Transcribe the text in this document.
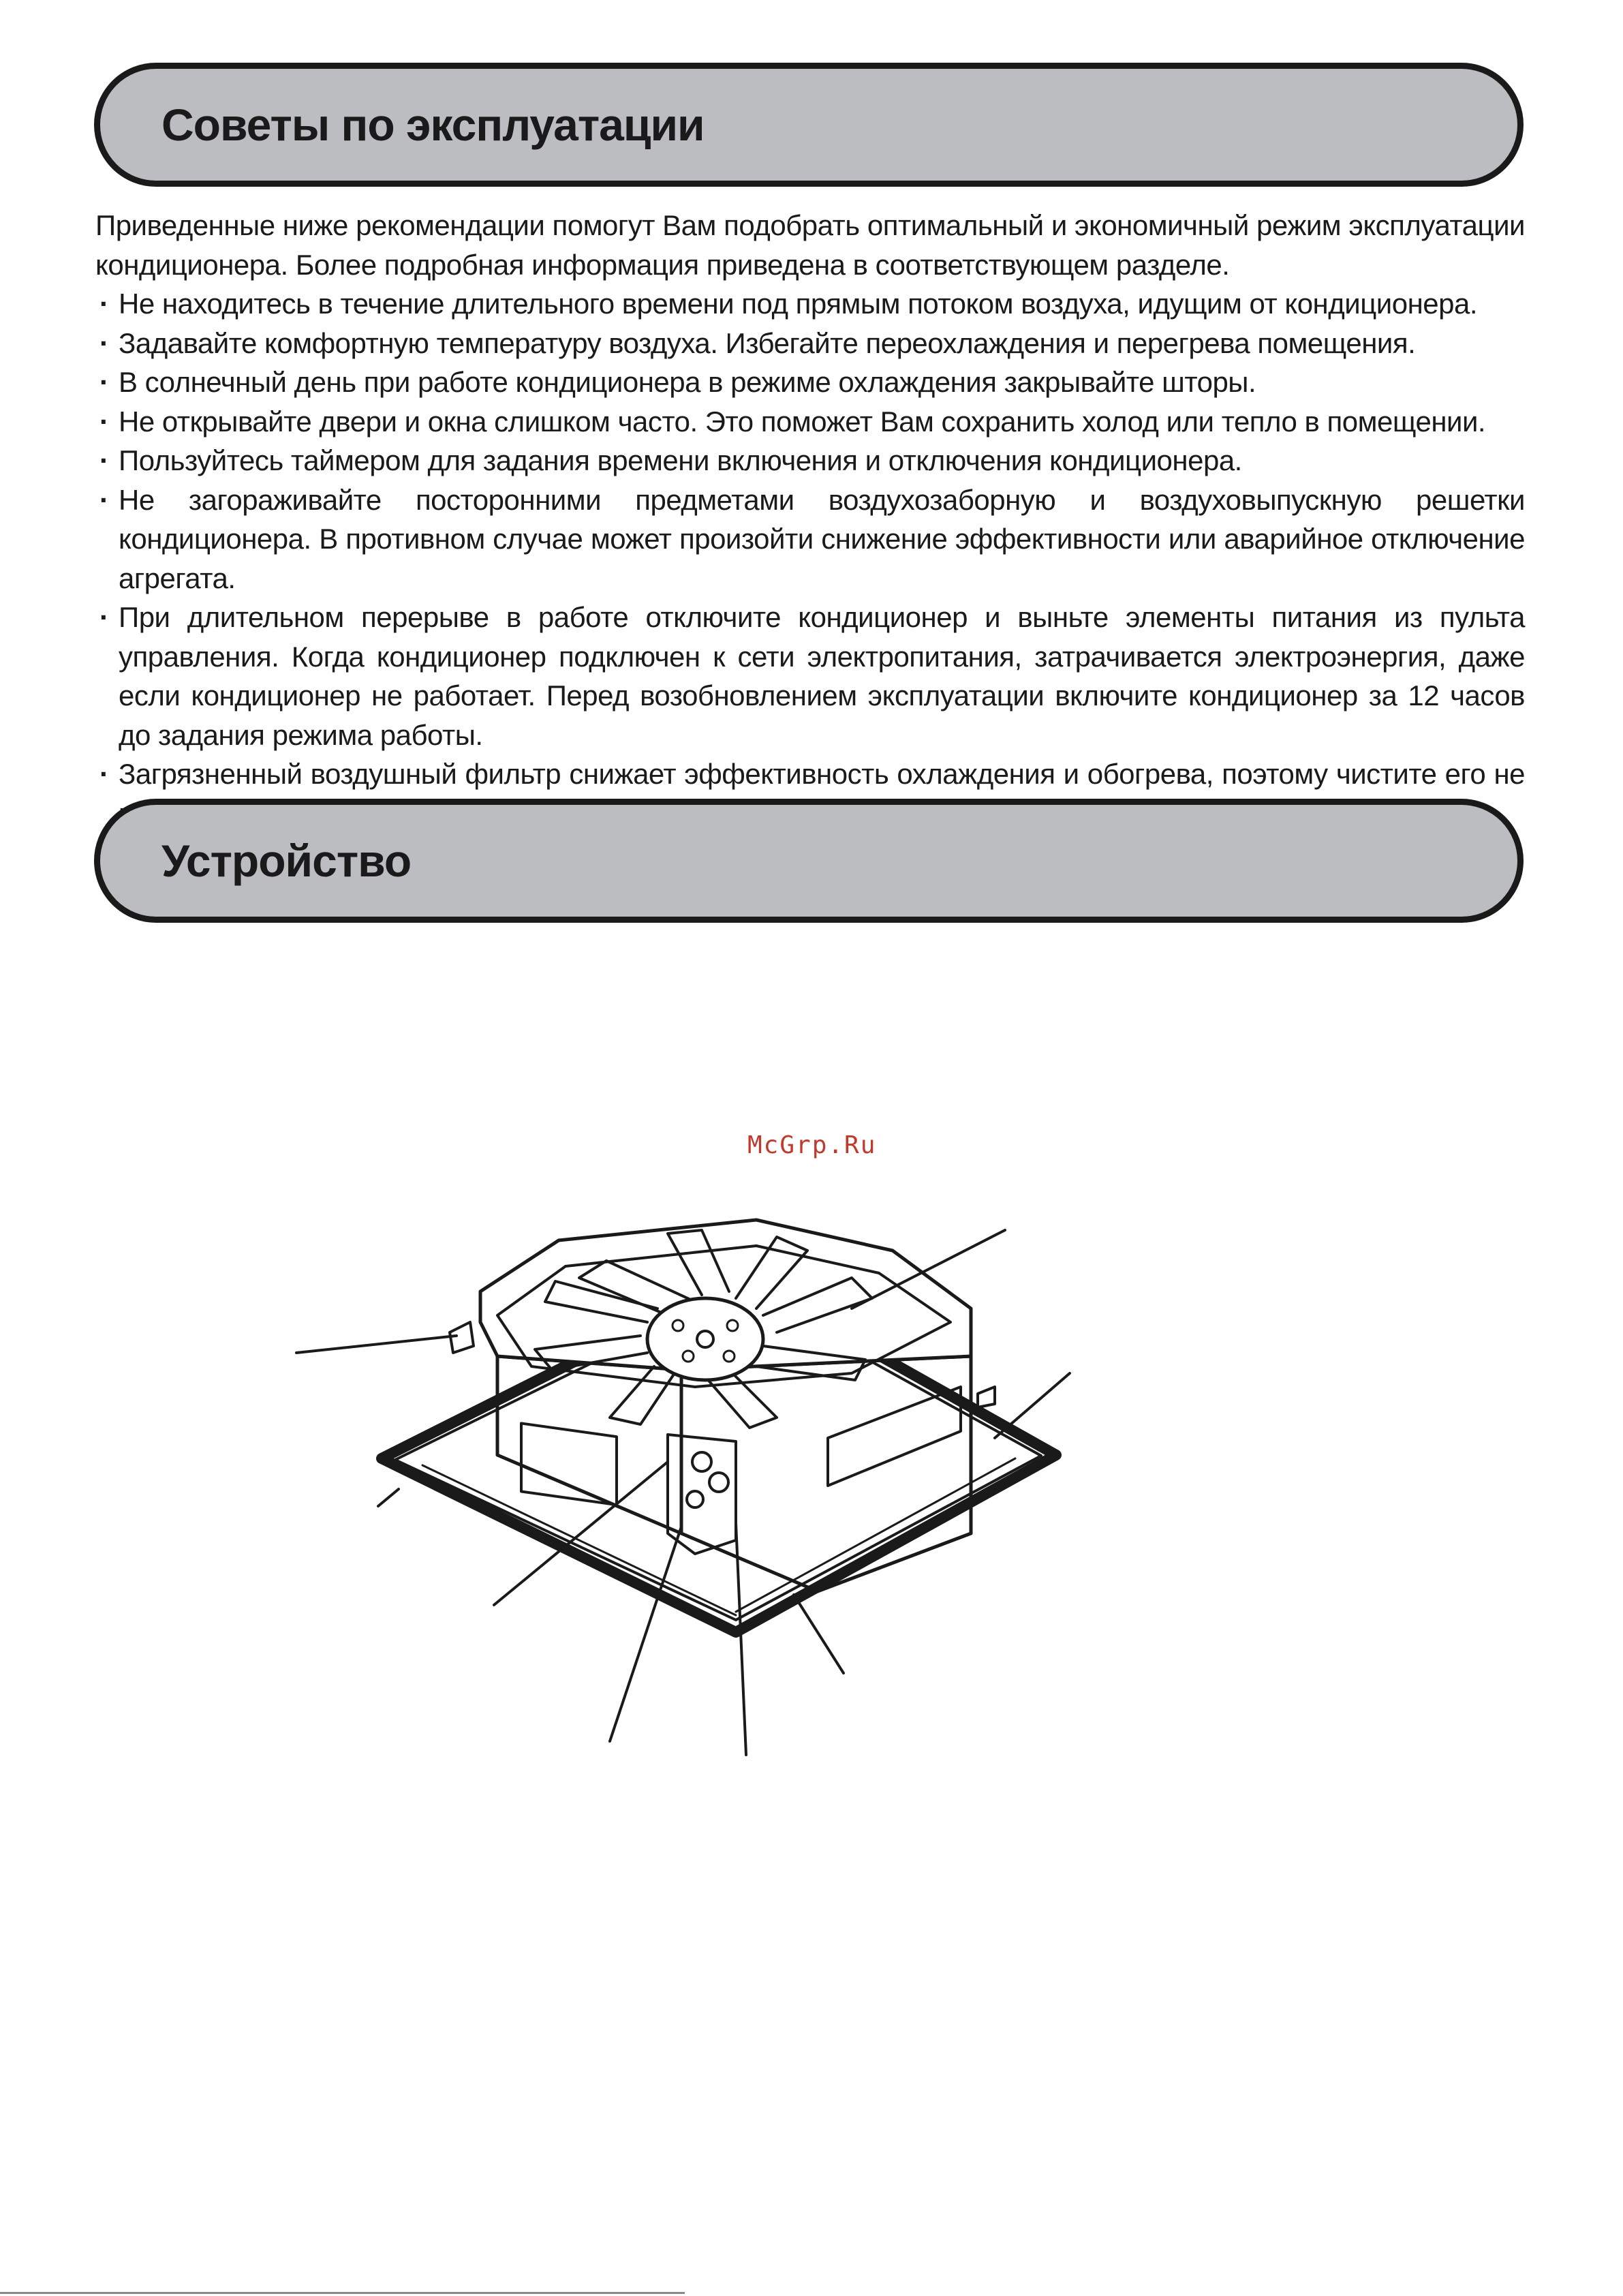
Советы по эксплуатации

Приведенные ниже рекомендации помогут Вам подобрать оптимальный и экономичный режим эксплуатации кондиционера. Более подробная информация приведена в соответствующем разделе.

· Не находитесь в течение длительного времени под прямым потоком воздуха, идущим от кондиционера.
· Задавайте комфортную температуру воздуха. Избегайте переохлаждения и перегрева помещения.
· В солнечный день при работе кондиционера в режиме охлаждения закрывайте шторы.
· Не открывайте двери и окна слишком часто. Это поможет Вам сохранить холод или тепло в помещении.
· Пользуйтесь таймером для задания времени включения и отключения кондиционера.
· Не загораживайте посторонними предметами воздухозаборную и воздуховыпускную решетки кондиционера. В противном случае может произойти снижение эффективности или аварийное отключение агрегата.
· При длительном перерыве в работе отключите кондиционер и выньте элементы питания из пульта управления. Когда кондиционер подключен к сети электропитания, затрачивается электроэнергия, даже если кондиционер не работает. Перед возобновлением эксплуатации включите кондиционер за 12 часов до задания режима работы.
· Загрязненный воздушный фильтр снижает эффективность охлаждения и обогрева, поэтому чистите его не
Устройство
McGrp.Ru
